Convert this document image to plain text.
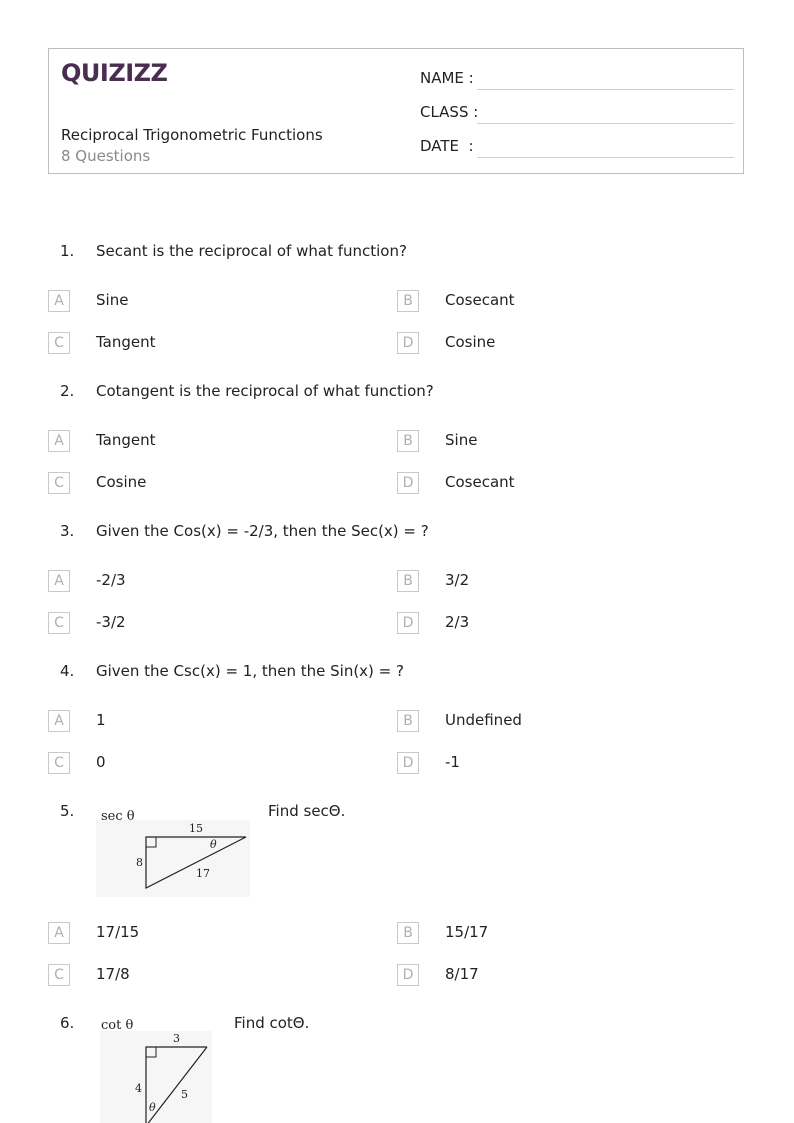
QUIZIZZ
Reciprocal Trigonometric Functions
8 Questions
NAME :
CLASS :
DATE  :
1. Secant is the reciprocal of what function?
A	Sine	B	Cosecant
C	Tangent	D	Cosine
2. Cotangent is the reciprocal of what function?
A	Tangent	B	Sine
C	Cosine	D	Cosecant
3. Given the Cos(x) = -2/3, then the Sec(x) = ?
A	-2/3	B	3/2
C	-3/2	D	2/3
4. Given the Csc(x) = 1, then the Sin(x) = ?
A	1	B	Undefined
C	0	D	-1
5.	Find secΘ.
sec θ
15
8
17
θ
A	17/15	B	15/17
C	17/8	D	8/17
6.	Find cotΘ.
cot θ
3
4	5
θ
